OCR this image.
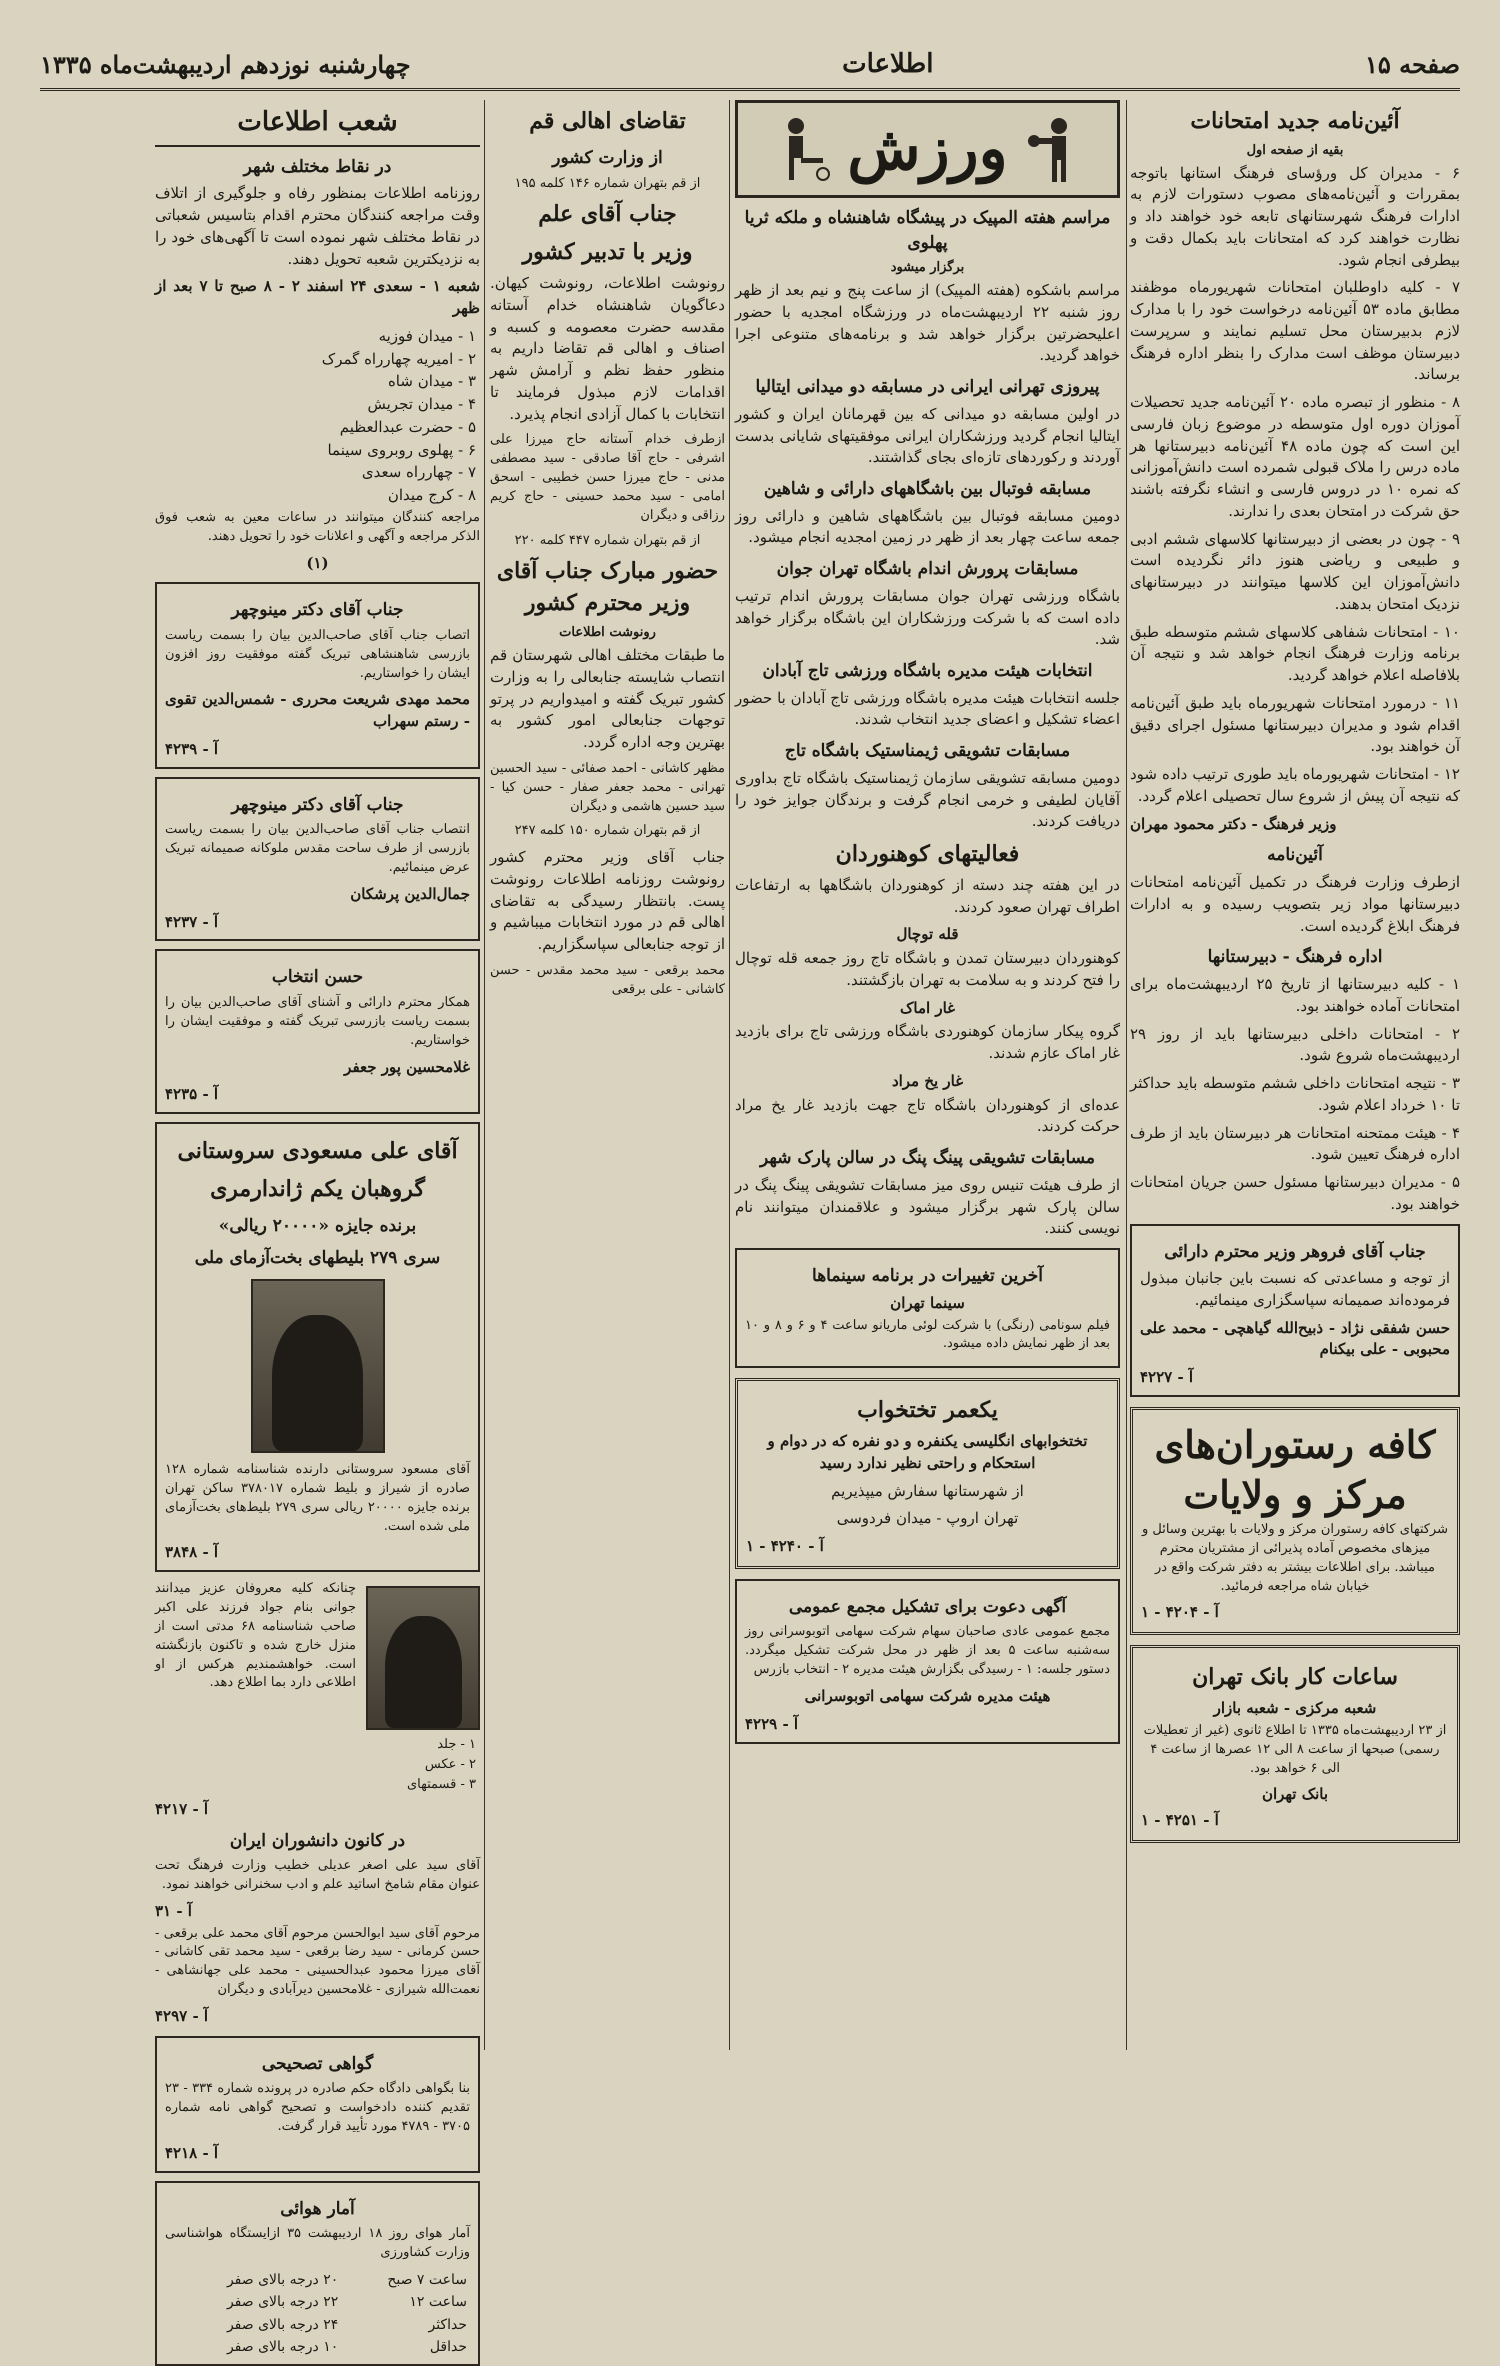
صفحه ۱۵
اطلاعات
چهارشنبه نوزدهم اردیبهشت‌ماه ۱۳۳۵
آئین‌نامه جدید امتحانات
بقیه از صفحه اول

۶ - مدیران کل ورؤسای فرهنگ استانها باتوجه بمقررات و آئین‌نامه‌های مصوب دستورات لازم به ادارات فرهنگ شهرستانهای تابعه خود خواهند داد و نظارت خواهند کرد که امتحانات باید بکمال دقت و بیطرفی انجام شود.

۷ - کلیه داوطلبان امتحانات شهریورماه موظفند مطابق ماده ۵۳ آئین‌نامه درخواست خود را با مدارک لازم بدبیرستان محل تسلیم نمایند و سرپرست دبیرستان موظف است مدارک را بنظر اداره فرهنگ برساند.

۸ - منظور از تبصره ماده ۲۰ آئین‌نامه جدید تحصیلات آموزان دوره اول متوسطه در موضوع زبان فارسی این است که چون ماده ۴۸ آئین‌نامه دبیرستانها هر ماده درس را ملاک قبولی شمرده است دانش‌آموزانی که نمره ۱۰ در دروس فارسی و انشاء نگرفته باشند حق شرکت در امتحان بعدی را ندارند.

۹ - چون در بعضی از دبیرستانها کلاسهای ششم ادبی و طبیعی و ریاضی هنوز دائر نگردیده است دانش‌آموزان این کلاسها میتوانند در دبیرستانهای نزدیک امتحان بدهند.

۱۰ - امتحانات شفاهی کلاسهای ششم متوسطه طبق برنامه وزارت فرهنگ انجام خواهد شد و نتیجه آن بلافاصله اعلام خواهد گردید.

۱۱ - درمورد امتحانات شهریورماه باید طبق آئین‌نامه اقدام شود و مدیران دبیرستانها مسئول اجرای دقیق آن خواهند بود.

۱۲ - امتحانات شهریورماه باید طوری ترتیب داده شود که نتیجه آن پیش از شروع سال تحصیلی اعلام گردد.

وزیر فرهنگ - دکتر محمود مهران

آئین‌نامه

ازطرف وزارت فرهنگ در تکمیل آئین‌نامه امتحانات دبیرستانها مواد زیر بتصویب رسیده و به ادارات فرهنگ ابلاغ گردیده است.

اداره فرهنگ - دبیرستانها

۱ - کلیه دبیرستانها از تاریخ ۲۵ اردیبهشت‌ماه برای امتحانات آماده خواهند بود.

۲ - امتحانات داخلی دبیرستانها باید از روز ۲۹ اردیبهشت‌ماه شروع شود.

۳ - نتیجه امتحانات داخلی ششم متوسطه باید حداکثر تا ۱۰ خرداد اعلام شود.

۴ - هیئت ممتحنه امتحانات هر دبیرستان باید از طرف اداره فرهنگ تعیین شود.

۵ - مدیران دبیرستانها مسئول حسن جریان امتحانات خواهند بود.

جناب آقای فروهر وزیر محترم دارائی

از توجه و مساعدتی که نسبت باین جانبان مبذول فرموده‌اند صمیمانه سپاسگزاری مینمائیم.

حسن شفقی نژاد - ذبیح‌الله گیاهچی - محمد علی محبوبی - علی بیکنام

آ - ۴۲۲۷
کافه رستوران‌های
مرکز و ولایات

شرکتهای کافه رستوران مرکز و ولایات با بهترین وسائل و میزهای مخصوص آماده پذیرائی از مشتریان محترم میباشد. برای اطلاعات بیشتر به دفتر شرکت واقع در خیابان شاه مراجعه فرمائید.

آ - ۴۲۰۴ - ۱
ساعات کار بانک تهران
شعبه مرکزی - شعبه بازار

از ۲۳ اردیبهشت‌ماه ۱۳۳۵ تا اطلاع ثانوی (غیر از تعطیلات رسمی) صبحها از ساعت ۸ الی ۱۲ عصرها از ساعت ۴ الی ۶ خواهد بود.

بانک تهران
آ - ۴۲۵۱ - ۱
ورزش
مراسم هفته المپیک در پیشگاه شاهنشاه و ملکه ثریا پهلوی
برگزار میشود

مراسم باشکوه (هفته المپیک) از ساعت پنج و نیم بعد از ظهر روز شنبه ۲۲ اردیبهشت‌ماه در ورزشگاه امجدیه با حضور اعلیحضرتین برگزار خواهد شد و برنامه‌های متنوعی اجرا خواهد گردید.

پیروزی تهرانی ایرانی در مسابقه دو میدانی ایتالیا

در اولین مسابقه دو میدانی که بین قهرمانان ایران و کشور ایتالیا انجام گردید ورزشکاران ایرانی موفقیتهای شایانی بدست آوردند و رکوردهای تازه‌ای بجای گذاشتند.

مسابقه فوتبال بین باشگاههای دارائی و شاهین

دومین مسابقه فوتبال بین باشگاههای شاهین و دارائی روز جمعه ساعت چهار بعد از ظهر در زمین امجدیه انجام میشود.

مسابقات پرورش اندام باشگاه تهران جوان

باشگاه ورزشی تهران جوان مسابقات پرورش اندام ترتیب داده است که با شرکت ورزشکاران این باشگاه برگزار خواهد شد.

انتخابات هیئت مدیره باشگاه ورزشی تاج آبادان

جلسه انتخابات هیئت مدیره باشگاه ورزشی تاج آبادان با حضور اعضاء تشکیل و اعضای جدید انتخاب شدند.

مسابقات تشویقی ژیمناستیک باشگاه تاج

دومین مسابقه تشویقی سازمان ژیمناستیک باشگاه تاج بداوری آقایان لطیفی و خرمی انجام گرفت و برندگان جوایز خود را دریافت کردند.

فعالیتهای کوهنوردان

در این هفته چند دسته از کوهنوردان باشگاهها به ارتفاعات اطراف تهران صعود کردند.

قله توچال

کوهنوردان دبیرستان تمدن و باشگاه تاج روز جمعه قله توچال را فتح کردند و به سلامت به تهران بازگشتند.

غار اماک

گروه پیکار سازمان کوهنوردی باشگاه ورزشی تاج برای بازدید غار اماک عازم شدند.

غار یخ مراد

عده‌ای از کوهنوردان باشگاه تاج جهت بازدید غار یخ مراد حرکت کردند.

مسابقات تشویقی پینگ پنگ در سالن پارک شهر

از طرف هیئت تنیس روی میز مسابقات تشویقی پینگ پنگ در سالن پارک شهر برگزار میشود و علاقمندان میتوانند نام نویسی کنند.

آخرین تغییرات در برنامه سینماها
سینما تهران

فیلم سونامی (رنگی) با شرکت لوئی ماریانو ساعت ۴ و ۶ و ۸ و ۱۰ بعد از ظهر نمایش داده میشود.

یکعمر تختخواب

تختخوابهای انگلیسی یکنفره و دو نفره که در دوام و استحکام و راحتی نظیر ندارد رسید

از شهرستانها سفارش میپذیریم

تهران اروپ - میدان فردوسی

آ - ۴۲۴۰ - ۱
آگهی دعوت برای تشکیل مجمع عمومی

مجمع عمومی عادی صاحبان سهام شرکت سهامی اتوبوسرانی روز سه‌شنبه ساعت ۵ بعد از ظهر در محل شرکت تشکیل میگردد. دستور جلسه: ۱ - رسیدگی بگزارش هیئت مدیره ۲ - انتخاب بازرس

هیئت مدیره شرکت سهامی اتوبوسرانی

آ - ۴۲۲۹
تقاضای اهالی قم
از وزارت کشور

از قم بتهران شماره ۱۴۶ کلمه ۱۹۵

جناب آقای علم
وزیر با تدبیر کشور

رونوشت اطلاعات، رونوشت کیهان. دعاگویان شاهنشاه خدام آستانه مقدسه حضرت معصومه و کسبه و اصناف و اهالی قم تقاضا داریم به منظور حفظ نظم و آرامش شهر اقدامات لازم مبذول فرمایند تا انتخابات با کمال آزادی انجام پذیرد.

ازطرف خدام آستانه حاج میرزا علی اشرفی - حاج آقا صادقی - سید مصطفی مدنی - حاج میرزا حسن خطیبی - اسحق امامی - سید محمد حسینی - حاج کریم رزاقی و دیگران

از قم بتهران شماره ۴۴۷ کلمه ۲۲۰

حضور مبارک جناب آقای وزیر محترم کشور
رونوشت اطلاعات

ما طبقات مختلف اهالی شهرستان قم انتصاب شایسته جنابعالی را به وزارت کشور تبریک گفته و امیدواریم در پرتو توجهات جنابعالی امور کشور به بهترین وجه اداره گردد.

مظهر کاشانی - احمد صفائی - سید الحسین تهرانی - محمد جعفر صفار - حسن کیا - سید حسین هاشمی و دیگران

از قم بتهران شماره ۱۵۰ کلمه ۲۴۷

جناب آقای وزیر محترم کشور رونوشت روزنامه اطلاعات رونوشت پست. بانتظار رسیدگی به تقاضای اهالی قم در مورد انتخابات میباشیم و از توجه جنابعالی سپاسگزاریم.

محمد برقعی - سید محمد مقدس - حسن کاشانی - علی برقعی

شعب اطلاعات
در نقاط مختلف شهر

روزنامه اطلاعات بمنظور رفاه و جلوگیری از اتلاف وقت مراجعه کنندگان محترم اقدام بتاسیس شعباتی در نقاط مختلف شهر نموده است تا آگهی‌های خود را به نزدیکترین شعبه تحویل دهند.

شعبه ۱ - سعدی ۲۴ اسفند ۲ - ۸ صبح تا ۷ بعد از ظهر

۱ - میدان فوزیه
۲ - امیریه چهارراه گمرک
۳ - میدان شاه
۴ - میدان تجریش
۵ - حضرت عبدالعظیم
۶ - پهلوی روبروی سینما
۷ - چهارراه سعدی
۸ - کرج میدان

مراجعه کنندگان میتوانند در ساعات معین به شعب فوق الذکر مراجعه و آگهی و اعلانات خود را تحویل دهند.

(۱)
جناب آقای دکتر مینوچهر

اتصاب جناب آقای صاحب‌الدین بیان را بسمت ریاست بازرسی شاهنشاهی تبریک گفته موفقیت روز افزون ایشان را خواستاریم.

محمد مهدی شریعت محرری - شمس‌الدین تقوی - رستم سهراب

آ - ۴۲۳۹
جناب آقای دکتر مینوچهر

انتصاب جناب آقای صاحب‌الدین بیان را بسمت ریاست بازرسی از طرف ساحت مقدس ملوکانه صمیمانه تبریک عرض مینمائیم.

جمال‌الدین پرشکان

آ - ۴۲۳۷
حسن انتخاب

همکار محترم دارائی و آشنای آقای صاحب‌الدین بیان را بسمت ریاست بازرسی تبریک گفته و موفقیت ایشان را خواستاریم.

غلامحسین پور جعفر

آ - ۴۲۳۵
آقای علی مسعودی سروستانی
گروهبان یکم ژاندارمری
برنده جایزه «۲۰۰۰۰ ریالی»
سری ۲۷۹ بلیطهای بخت‌آزمای ملی

آقای مسعود سروستانی دارنده شناسنامه شماره ۱۲۸ صادره از شیراز و بلیط شماره ۳۷۸۰۱۷ ساکن تهران برنده جایزه ۲۰۰۰۰ ریالی سری ۲۷۹ بلیط‌های بخت‌آزمای ملی شده است.

آ - ۳۸۴۸

چنانکه کلیه معروفان عزیز میدانند جوانی بنام جواد فرزند علی اکبر صاحب شناسنامه ۶۸ مدتی است از منزل خارج شده و تاکنون بازنگشته است. خواهشمندیم هرکس از او اطلاعی دارد بما اطلاع دهد.

۱ - جلد
۲ - عکس
۳ - قسمتهای
آ - ۴۲۱۷
در کانون دانشوران ایران

آقای سید علی اصغر عدیلی خطیب وزارت فرهنگ تحت عنوان مقام شامخ اساتید علم و ادب سخنرانی خواهند نمود.

آ - ۳۱

مرحوم آقای سید ابوالحسن مرحوم آقای محمد علی برقعی - حسن کرمانی - سید رضا برقعی - سید محمد تقی کاشانی - آقای میرزا محمود عبدالحسینی - محمد علی جهانشاهی - نعمت‌الله شیرازی - غلامحسین دیرآبادی و دیگران

آ - ۴۲۹۷
گواهی تصحیحی

بنا بگواهی دادگاه حکم صادره در پرونده شماره ۳۳۴ - ۲۳ تقدیم کننده دادخواست و تصحیح گواهی نامه شماره ۳۷۰۵ - ۴۷۸۹ مورد تأیید قرار گرفت.

آ - ۴۲۱۸
آمار هوائی

آمار هوای روز ۱۸ اردیبهشت ۳۵ ازایستگاه هواشناسی وزارت کشاورزی

ساعت ۷ صبح	۲۰ درجه بالای صفر
ساعت ۱۲	۲۲ درجه بالای صفر
حداکثر	۲۴ درجه بالای صفر
حداقل	۱۰ درجه بالای صفر
